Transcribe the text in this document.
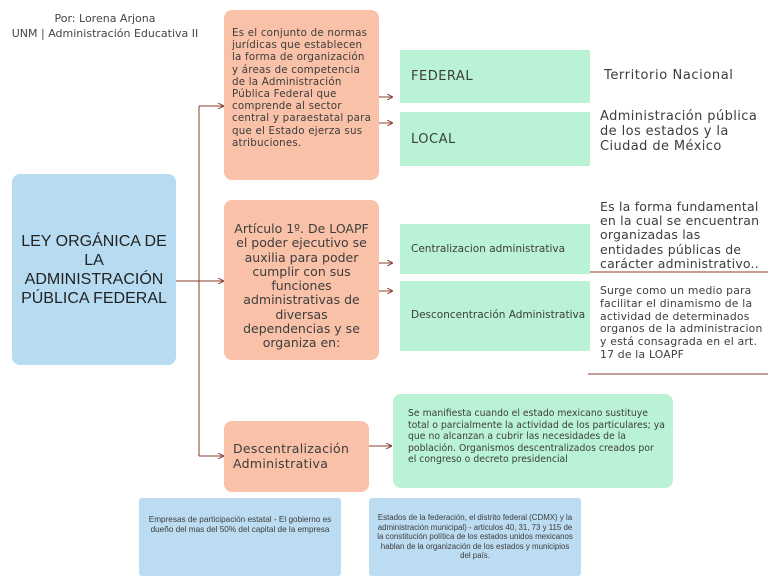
Por: Lorena Arjona
UNM | Administración Educativa II
LEY ORGÁNICA DE LA ADMINISTRACIÓN PÚBLICA FEDERAL
Es el conjunto de normas jurídicas que establecen la forma de organización y áreas de competencia de la Administración Pública Federal que comprende al sector central y paraestatal para que el Estado ejerza sus atribuciones.
Artículo 1º. De LOAPF el poder ejecutivo se auxilia para poder cumplir con sus funciones administrativas de diversas dependencias y se organiza en:
Descentralización Administrativa
FEDERAL
LOCAL
Centralizacion administrativa
Desconcentración Administrativa
Se manifiesta cuando el estado mexicano sustituye total o parcialmente la actividad de los particulares; ya que no alcanzan a cubrir las necesidades de la población. Organismos descentralizados creados por el congreso o decreto presidencial
Territorio Nacional
Administración pública de los estados y la Ciudad de México
Es la forma fundamental en la cual se encuentran organizadas las entidades públicas de carácter administrativo..
Surge como un medio para facilitar el dinamismo de la actividad de determinados organos de la administracion y está consagrada en el art. 17 de la LOAPF
Empresas de participación estatal - El gobierno es dueño del mas del 50% del capital de la empresa
Estados de la federación, el distrito federal (CDMX) y la administración municipal) - articulos 40, 31, 73 y 115 de la constitución política de los estados unidos mexicanos hablan de la organización de los estados y municipios del país.
